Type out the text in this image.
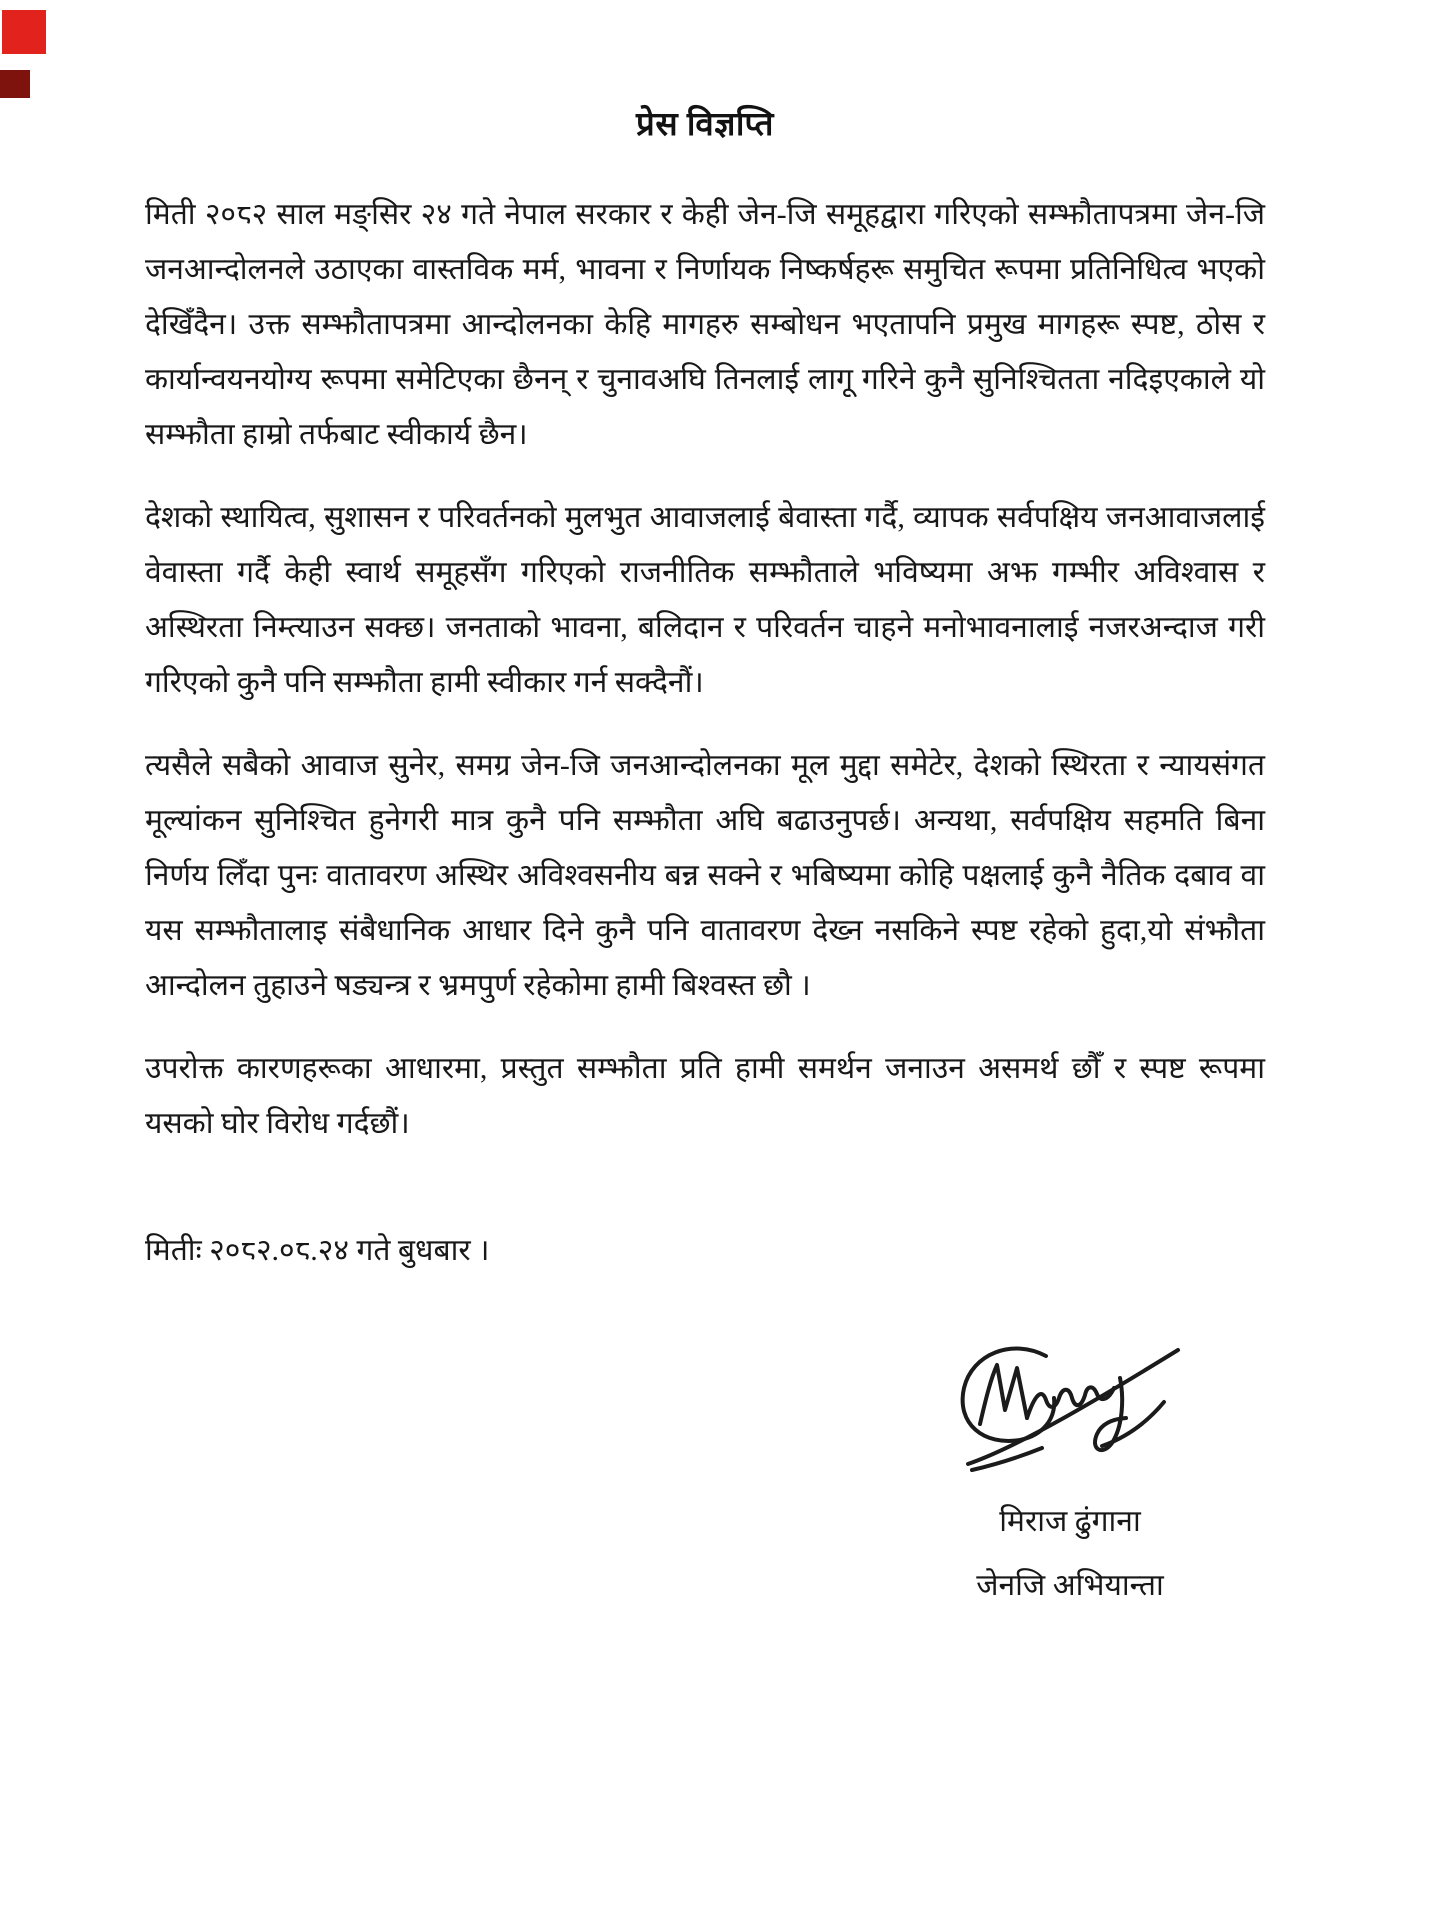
प्रेस विज्ञप्ति

मिती २०८२ साल मङ्सिर २४ गते नेपाल सरकार र केही जेन-जि समूहद्वारा गरिएको सम्झौतापत्रमा जेन-जि जनआन्दोलनले उठाएका वास्तविक मर्म, भावना र निर्णायक निष्कर्षहरू समुचित रूपमा प्रतिनिधित्व भएको देखिँदैन। उक्त सम्झौतापत्रमा आन्दोलनका केहि मागहरु सम्बोधन भएतापनि प्रमुख मागहरू स्पष्ट, ठोस र कार्यान्वयनयोग्य रूपमा समेटिएका छैनन् र चुनावअघि तिनलाई लागू गरिने कुनै सुनिश्चितता नदिइएकाले यो सम्झौता हाम्रो तर्फबाट स्वीकार्य छैन।

देशको स्थायित्व, सुशासन र परिवर्तनको मुलभुत आवाजलाई बेवास्ता गर्दै, व्यापक सर्वपक्षिय जनआवाजलाई वेवास्ता गर्दै केही स्वार्थ समूहसँग गरिएको राजनीतिक सम्झौताले भविष्यमा अझ गम्भीर अविश्वास र अस्थिरता निम्त्याउन सक्छ। जनताको भावना, बलिदान र परिवर्तन चाहने मनोभावनालाई नजरअन्दाज गरी गरिएको कुनै पनि सम्झौता हामी स्वीकार गर्न सक्दैनौं।

त्यसैले सबैको आवाज सुनेर, समग्र जेन-जि जनआन्दोलनका मूल मुद्दा समेटेर, देशको स्थिरता र न्यायसंगत मूल्यांकन सुनिश्चित हुनेगरी मात्र कुनै पनि सम्झौता अघि बढाउनुपर्छ। अन्यथा, सर्वपक्षिय सहमति बिना निर्णय लिँदा पुनः वातावरण अस्थिर अविश्वसनीय बन्न सक्ने र भबिष्यमा कोहि पक्षलाई कुनै नैतिक दबाव वा यस सम्झौतालाइ संबैधानिक आधार दिने कुनै पनि वातावरण देख्न नसकिने स्पष्ट रहेको हुदा,यो संझौता आन्दोलन तुहाउने षड्यन्त्र र भ्रमपुर्ण रहेकोमा हामी बिश्वस्त छौ ।

उपरोक्त कारणहरूका आधारमा, प्रस्तुत सम्झौता प्रति हामी समर्थन जनाउन असमर्थ छौँ र स्पष्ट रूपमा यसको घोर विरोध गर्दछौं।

मितीः २०८२.०८.२४ गते बुधबार ।

मिराज ढुंगाना
जेनजि अभियान्ता
